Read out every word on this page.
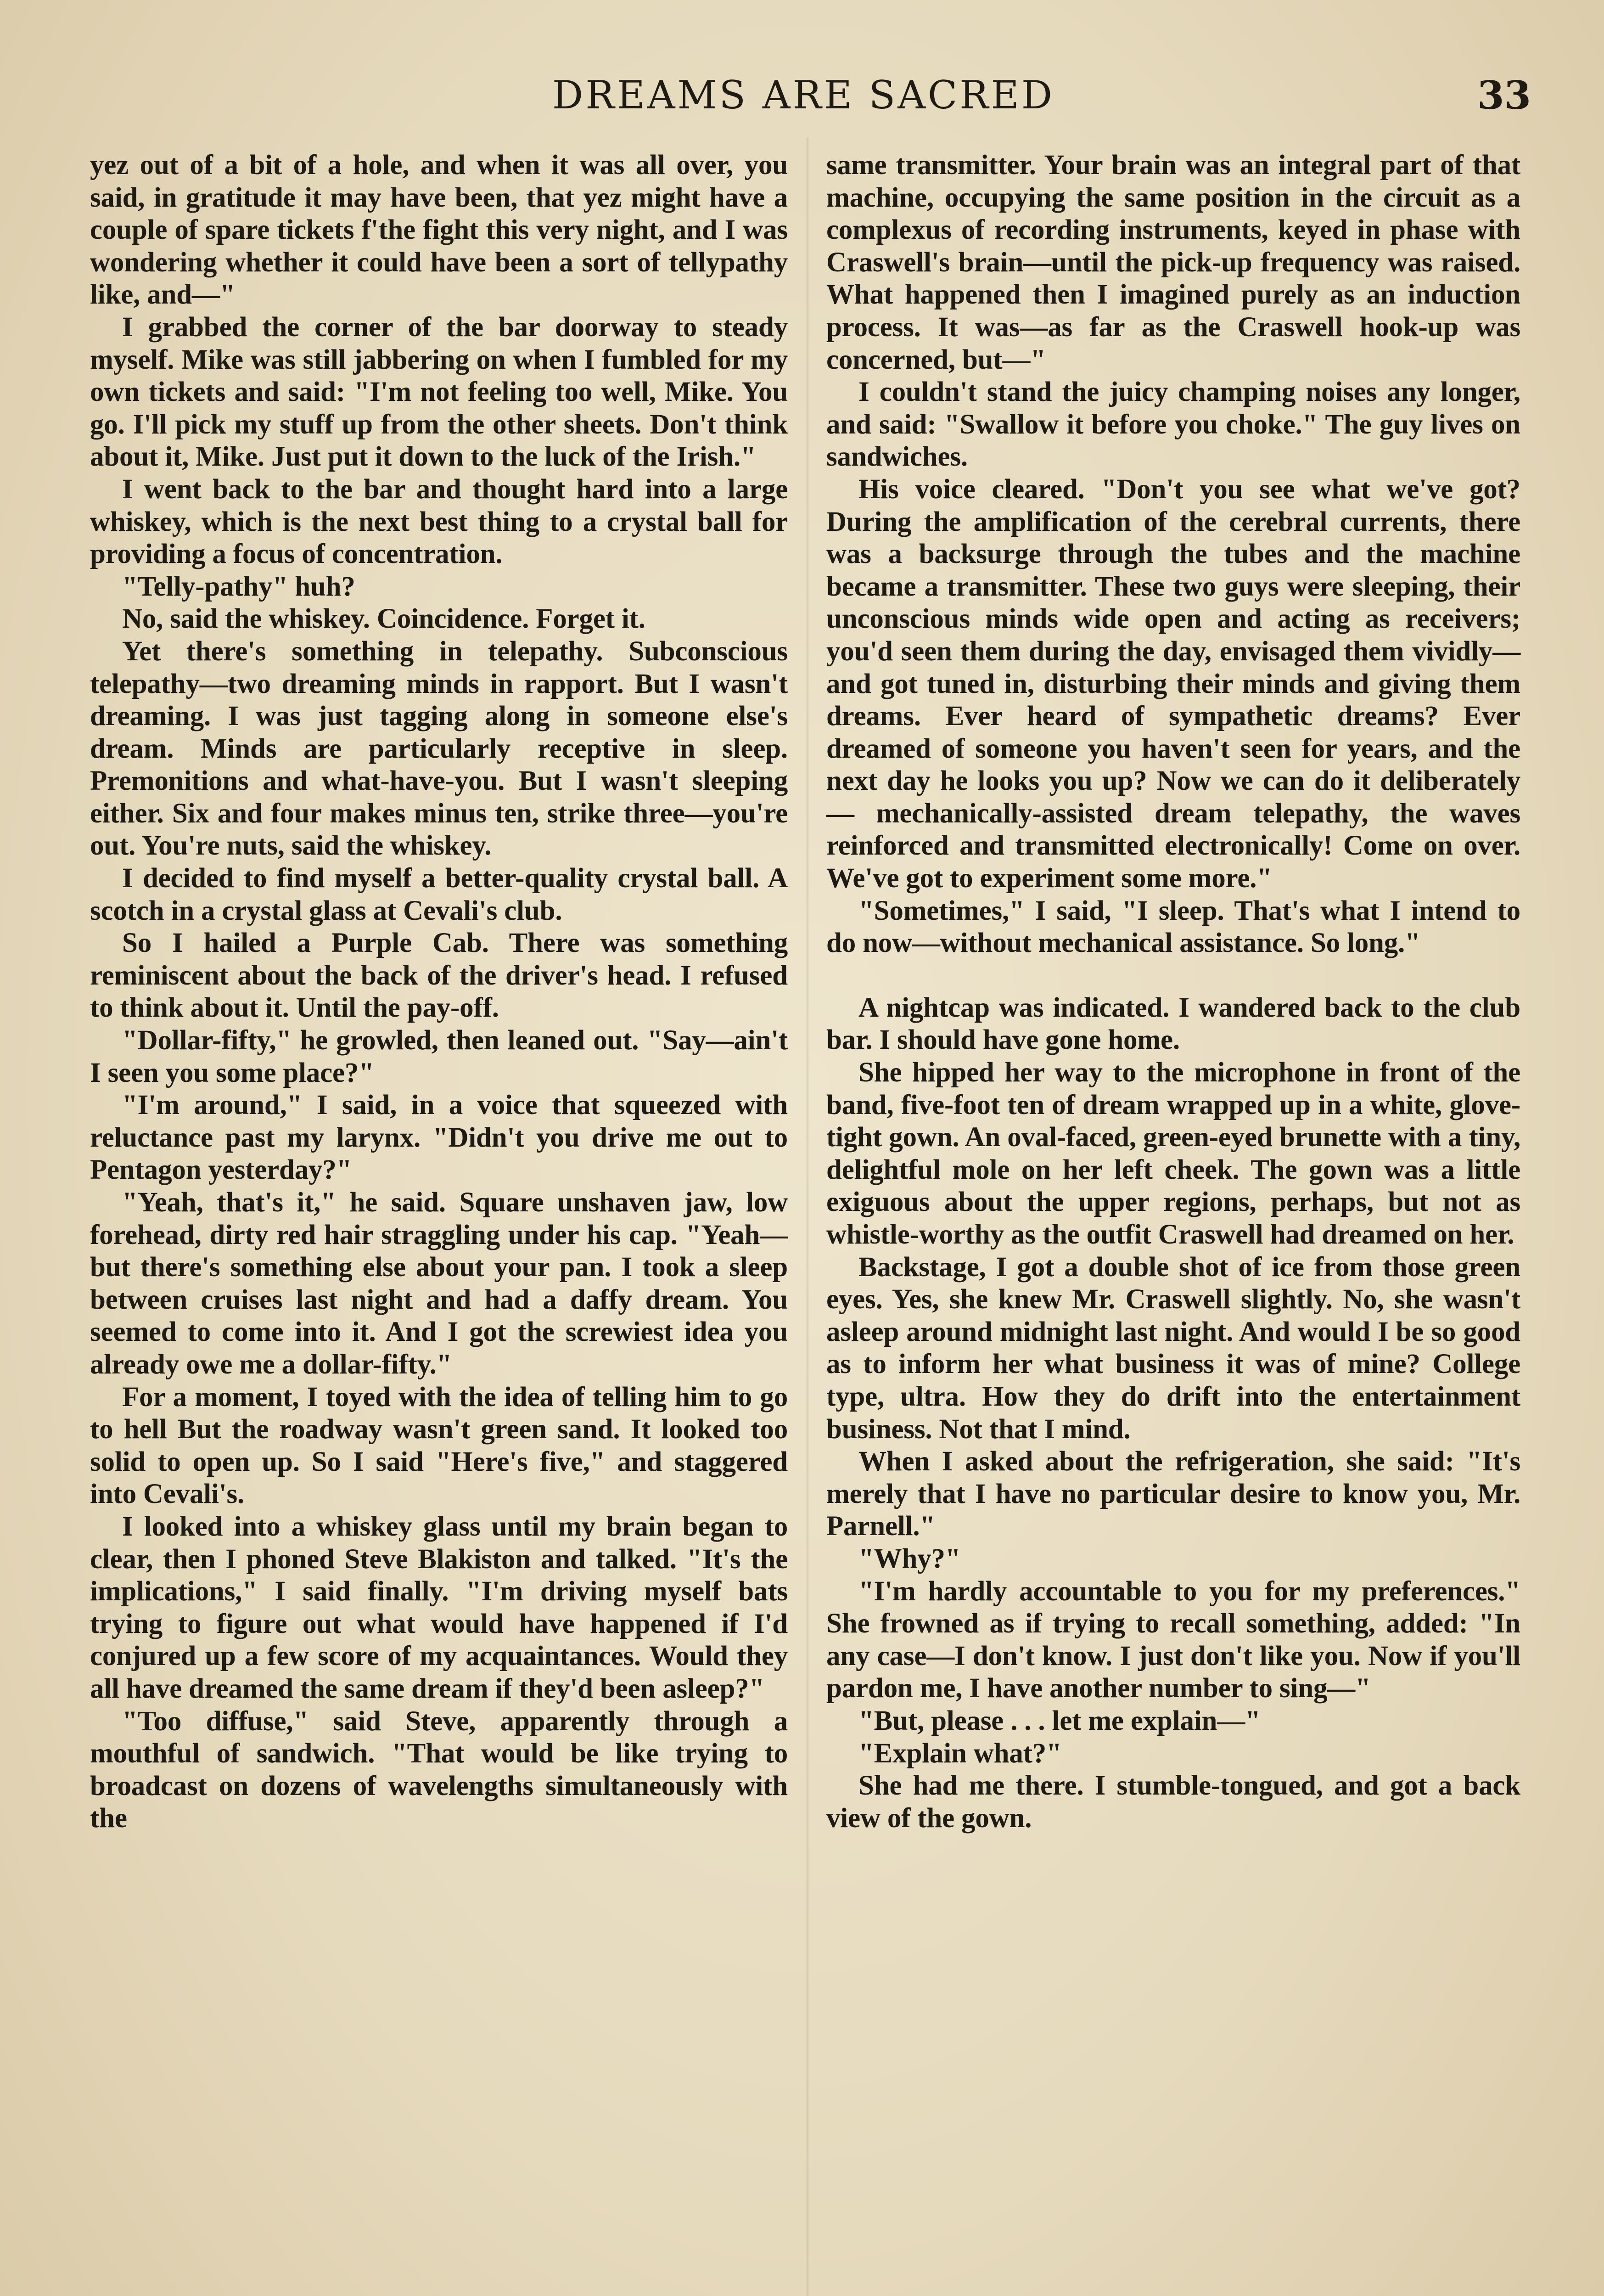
DREAMS ARE SACRED	33

yez out of a bit of a hole, and when it was all over, you said, in gratitude it may have been, that yez might have a couple of spare tickets f'the fight this very night, and I was wondering whether it could have been a sort of tellypathy like, and—"

I grabbed the corner of the bar doorway to steady myself. Mike was still jabbering on when I fumbled for my own tickets and said: "I'm not feeling too well, Mike. You go. I'll pick my stuff up from the other sheets. Don't think about it, Mike. Just put it down to the luck of the Irish."

I went back to the bar and thought hard into a large whiskey, which is the next best thing to a crystal ball for providing a focus of concentration.

"Telly-pathy" huh?

No, said the whiskey. Coincidence. Forget it.

Yet there's something in telepathy. Subconscious telepathy—two dreaming minds in rapport. But I wasn't dreaming. I was just tagging along in someone else's dream. Minds are particularly receptive in sleep. Premonitions and what-have-you. But I wasn't sleeping either. Six and four makes minus ten, strike three—you're out. You're nuts, said the whiskey.

I decided to find myself a better-quality crystal ball. A scotch in a crystal glass at Cevali's club.

So I hailed a Purple Cab. There was something reminiscent about the back of the driver's head. I refused to think about it. Until the pay-off.

"Dollar-fifty," he growled, then leaned out. "Say—ain't I seen you some place?"

"I'm around," I said, in a voice that squeezed with reluctance past my larynx. "Didn't you drive me out to Pentagon yesterday?"

"Yeah, that's it," he said. Square unshaven jaw, low forehead, dirty red hair straggling under his cap. "Yeah—but there's something else about your pan. I took a sleep between cruises last night and had a daffy dream. You seemed to come into it. And I got the screwiest idea you already owe me a dollar-fifty."

For a moment, I toyed with the idea of telling him to go to hell But the roadway wasn't green sand. It looked too solid to open up. So I said "Here's five," and staggered into Cevali's.

I looked into a whiskey glass until my brain began to clear, then I phoned Steve Blakiston and talked. "It's the implications," I said finally. "I'm driving myself bats trying to figure out what would have happened if I'd conjured up a few score of my acquaintances. Would they all have dreamed the same dream if they'd been asleep?"

"Too diffuse," said Steve, apparently through a mouthful of sandwich. "That would be like trying to broadcast on dozens of wavelengths simultaneously with the

same transmitter. Your brain was an integral part of that machine, occupying the same position in the circuit as a complexus of recording instruments, keyed in phase with Craswell's brain—until the pick-up frequency was raised. What happened then I imagined purely as an induction process. It was—as far as the Craswell hook-up was concerned, but—"

I couldn't stand the juicy champing noises any longer, and said: "Swallow it before you choke." The guy lives on sandwiches.

His voice cleared. "Don't you see what we've got? During the amplification of the cerebral currents, there was a backsurge through the tubes and the machine became a transmitter. These two guys were sleeping, their unconscious minds wide open and acting as receivers; you'd seen them during the day, envisaged them vividly—and got tuned in, disturbing their minds and giving them dreams. Ever heard of sympathetic dreams? Ever dreamed of someone you haven't seen for years, and the next day he looks you up? Now we can do it deliberately — mechanically-assisted dream telepathy, the waves reinforced and transmitted electronically! Come on over. We've got to experiment some more."

"Sometimes," I said, "I sleep. That's what I intend to do now—without mechanical assistance. So long."

A nightcap was indicated. I wandered back to the club bar. I should have gone home.

She hipped her way to the microphone in front of the band, five-foot ten of dream wrapped up in a white, glove-tight gown. An oval-faced, green-eyed brunette with a tiny, delightful mole on her left cheek. The gown was a little exiguous about the upper regions, perhaps, but not as whistle-worthy as the outfit Craswell had dreamed on her.

Backstage, I got a double shot of ice from those green eyes. Yes, she knew Mr. Craswell slightly. No, she wasn't asleep around midnight last night. And would I be so good as to inform her what business it was of mine? College type, ultra. How they do drift into the entertainment business. Not that I mind.

When I asked about the refrigeration, she said: "It's merely that I have no particular desire to know you, Mr. Parnell."

"Why?"

"I'm hardly accountable to you for my preferences." She frowned as if trying to recall something, added: "In any case—I don't know. I just don't like you. Now if you'll pardon me, I have another number to sing—"

"But, please . . . let me explain—"

"Explain what?"

She had me there. I stumble-tongued, and got a back view of the gown.
